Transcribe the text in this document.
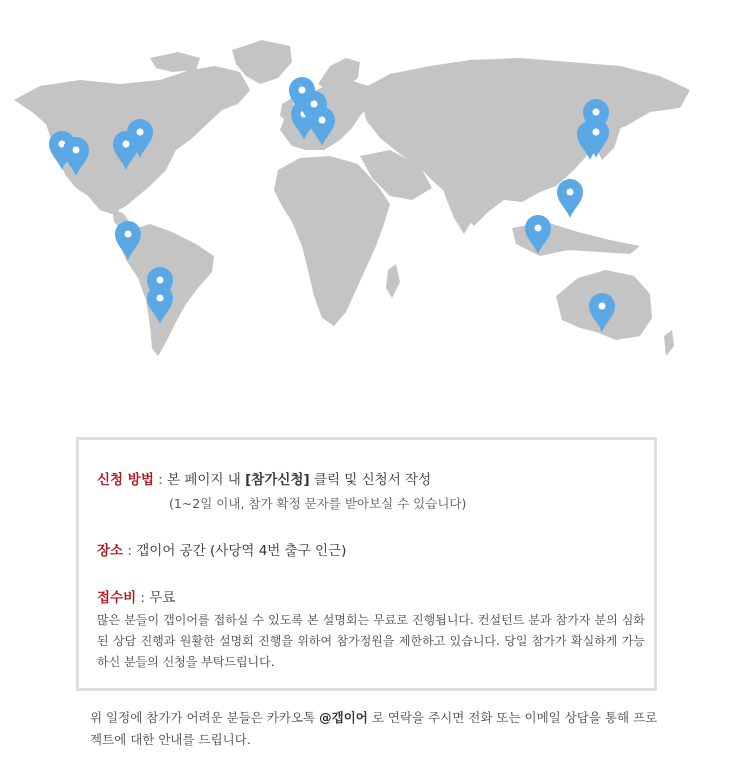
신청 방법 : 본 페이지 내 [참가신청] 클릭 및 신청서 작성
(1~2일 이내, 참가 확정 문자를 받아보실 수 있습니다)
장소 : 갭이어 공간 (사당역 4번 출구 인근)
접수비 : 무료
많은 분들이 갭이어를 접하실 수 있도록 본 설명회는 무료로 진행됩니다. 컨설턴트 분과 참가자 분의 심화된 상담 진행과 원활한 설명회 진행을 위하여 참가정원을 제한하고 있습니다. 당일 참가가 확실하게 가능하신 분들의 신청을 부탁드립니다.
위 일정에 참가가 어려운 분들은 카카오톡 @갭이어 로 연락을 주시면 전화 또는 이메일 상담을 통해 프로젝트에 대한 안내를 드립니다.
